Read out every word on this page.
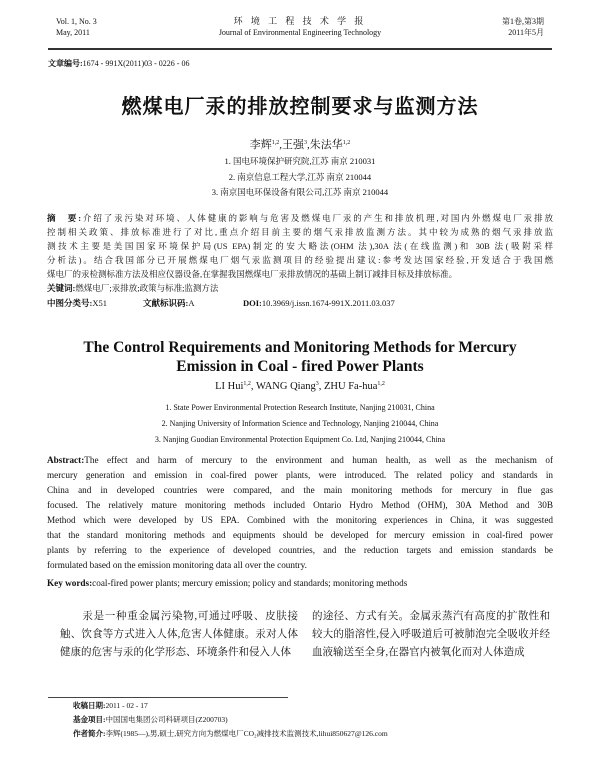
Vol. 1, No. 3
May, 2011
环 境 工 程 技 术 学 报
Journal of Environmental Engineering Technology
第1卷,第3期
2011年5月
文章编号:1674 - 991X(2011)03 - 0226 - 06
燃煤电厂汞的排放控制要求与监测方法
李辉$^{1,2}$,王强$^3$,朱法华$^{1,2}$
1. 国电环境保护研究院,江苏 南京 210031
2. 南京信息工程大学,江苏 南京 210044
3. 南京国电环保设备有限公司,江苏 南京 210044
摘　要:介绍了汞污染对环境、人体健康的影响与危害及燃煤电厂汞的产生和排放机理,对国内外燃煤电厂汞排放
控制相关政策、排放标准进行了对比,重点介绍目前主要的烟气汞排放监测方法。其中较为成熟的烟气汞排放监
测技术主要是美国国家环境保护局(US EPA)制定的安大略法(OHM 法),30A 法(在线监测)和 30B 法(吸附采样
分析法)。结合我国部分已开展燃煤电厂烟气汞监测项目的经验提出建议:参考发达国家经验,开发适合于我国燃
煤电厂的汞检测标准方法及相应仪器设备,在掌握我国燃煤电厂汞排放情况的基础上制订减排目标及排放标准。
关键词:燃煤电厂;汞排放;政策与标准;监测方法
中图分类号:X51	文献标识码:A	DOI:10.3969/j.issn.1674-991X.2011.03.037
The Control Requirements and Monitoring Methods for Mercury
Emission in Coal - fired Power Plants
LI Hui$^{1,2}$, WANG Qiang$^3$, ZHU Fa-hua$^{1,2}$
1. State Power Environmental Protection Research Institute, Nanjing 210031, China
2. Nanjing University of Information Science and Technology, Nanjing 210044, China
3. Nanjing Guodian Environmental Protection Equipment Co. Ltd, Nanjing 210044, China
Abstract:The effect and harm of mercury to the environment and human health, as well as the mechanism of
mercury generation and emission in coal-fired power plants, were introduced. The related policy and standards in
China and in developed countries were compared, and the main monitoring methods for mercury in flue gas
focused. The relatively mature monitoring methods included Ontario Hydro Method (OHM), 30A Method and 30B
Method which were developed by US EPA. Combined with the monitoring experiences in China, it was suggested
that the standard monitoring methods and equipments should be developed for mercury emission in coal-fired power
plants by referring to the experience of developed countries, and the reduction targets and emission standards be
formulated based on the emission monitoring data all over the country.
Key words:coal-fired power plants; mercury emission; policy and standards; monitoring methods
　　汞是一种重金属污染物,可通过呼吸、皮肤接触、饮食等方式进入人体,危害人体健康。汞对人体健康的危害与汞的化学形态、环境条件和侵入人体
的途径、方式有关。金属汞蒸汽有高度的扩散性和较大的脂溶性,侵入呼吸道后可被肺泡完全吸收并经血液输送至全身,在器官内被氧化而对人体造成
收稿日期:2011 - 02 - 17
基金项目:中国国电集团公司科研项目(Z200703)
作者简介:李辉(1985—),男,硕士,研究方向为燃煤电厂CO₂减排技术监测技术,lihui850627@126.com
